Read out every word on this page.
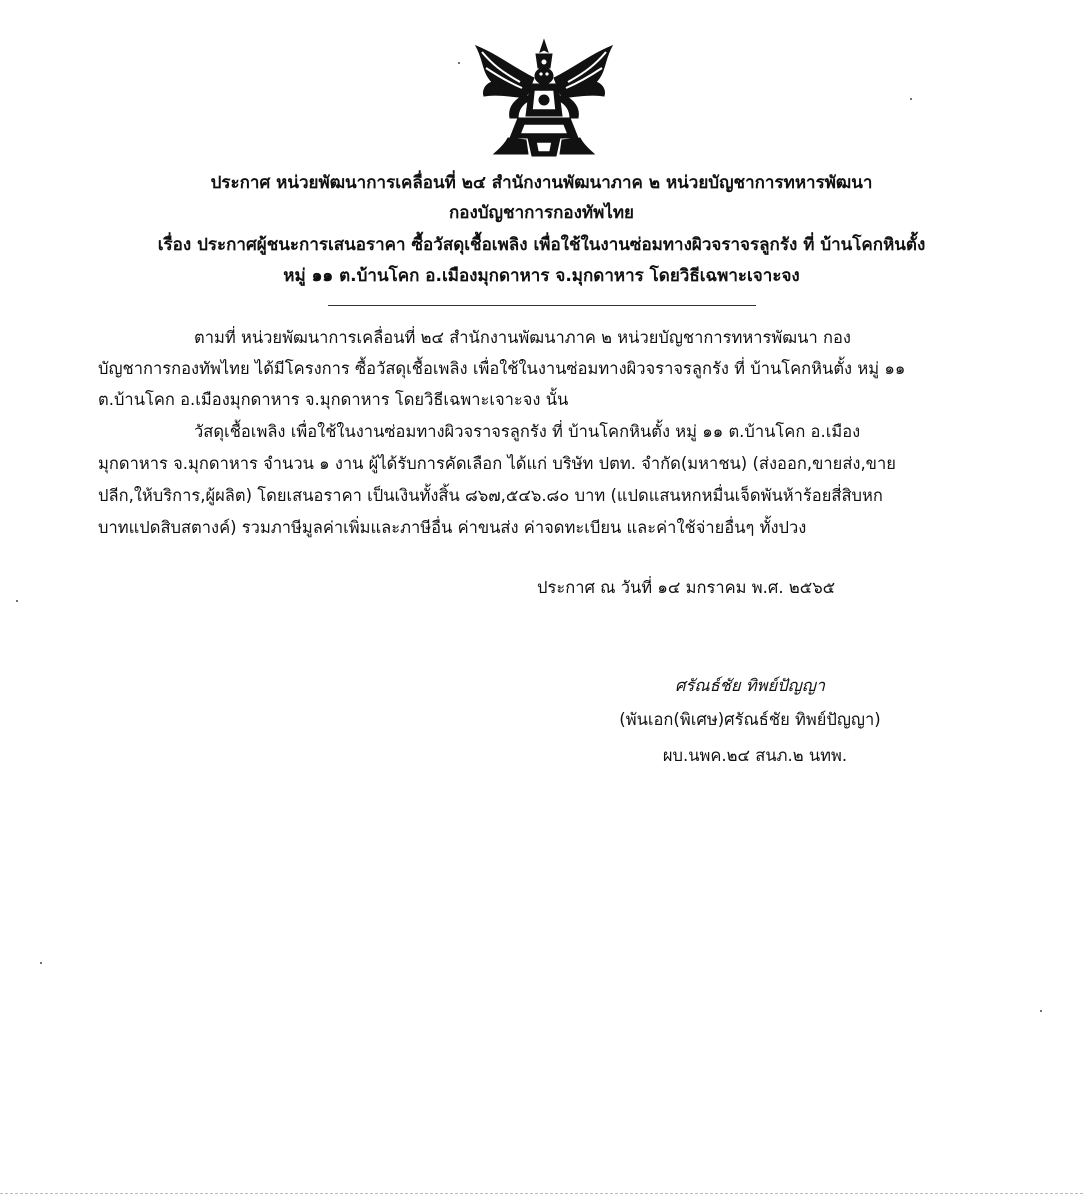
ประกาศ หน่วยพัฒนาการเคลื่อนที่ ๒๔ สำนักงานพัฒนาภาค ๒ หน่วยบัญชาการทหารพัฒนา
กองบัญชาการกองทัพไทย
เรื่อง ประกาศผู้ชนะการเสนอราคา ซื้อวัสดุเชื้อเพลิง เพื่อใช้ในงานซ่อมทางผิวจราจรลูกรัง ที่ บ้านโคกหินตั้ง
หมู่ ๑๑ ต.บ้านโคก อ.เมืองมุกดาหาร จ.มุกดาหาร โดยวิธีเฉพาะเจาะจง
ตามที่ หน่วยพัฒนาการเคลื่อนที่ ๒๔ สำนักงานพัฒนาภาค ๒ หน่วยบัญชาการทหารพัฒนา กอง
บัญชาการกองทัพไทย ได้มีโครงการ ซื้อวัสดุเชื้อเพลิง เพื่อใช้ในงานซ่อมทางผิวจราจรลูกรัง ที่ บ้านโคกหินตั้ง หมู่ ๑๑
ต.บ้านโคก อ.เมืองมุกดาหาร จ.มุกดาหาร โดยวิธีเฉพาะเจาะจง นั้น
วัสดุเชื้อเพลิง เพื่อใช้ในงานซ่อมทางผิวจราจรลูกรัง ที่ บ้านโคกหินตั้ง หมู่ ๑๑ ต.บ้านโคก อ.เมือง
มุกดาหาร จ.มุกดาหาร จำนวน ๑ งาน ผู้ได้รับการคัดเลือก ได้แก่ บริษัท ปตท. จำกัด(มหาชน) (ส่งออก,ขายส่ง,ขาย
ปลีก,ให้บริการ,ผู้ผลิต) โดยเสนอราคา เป็นเงินทั้งสิ้น ๘๖๗,๕๔๖.๘๐ บาท (แปดแสนหกหมื่นเจ็ดพันห้าร้อยสี่สิบหก
บาทแปดสิบสตางค์) รวมภาษีมูลค่าเพิ่มและภาษีอื่น ค่าขนส่ง ค่าจดทะเบียน และค่าใช้จ่ายอื่นๆ ทั้งปวง
ประกาศ ณ วันที่ ๑๔ มกราคม พ.ศ. ๒๕๖๕
ศรัณธ์ชัย ทิพย์ปัญญา
(พันเอก(พิเศษ)ศรัณธ์ชัย ทิพย์ปัญญา)
ผบ.นพค.๒๔ สนภ.๒ นทพ.
